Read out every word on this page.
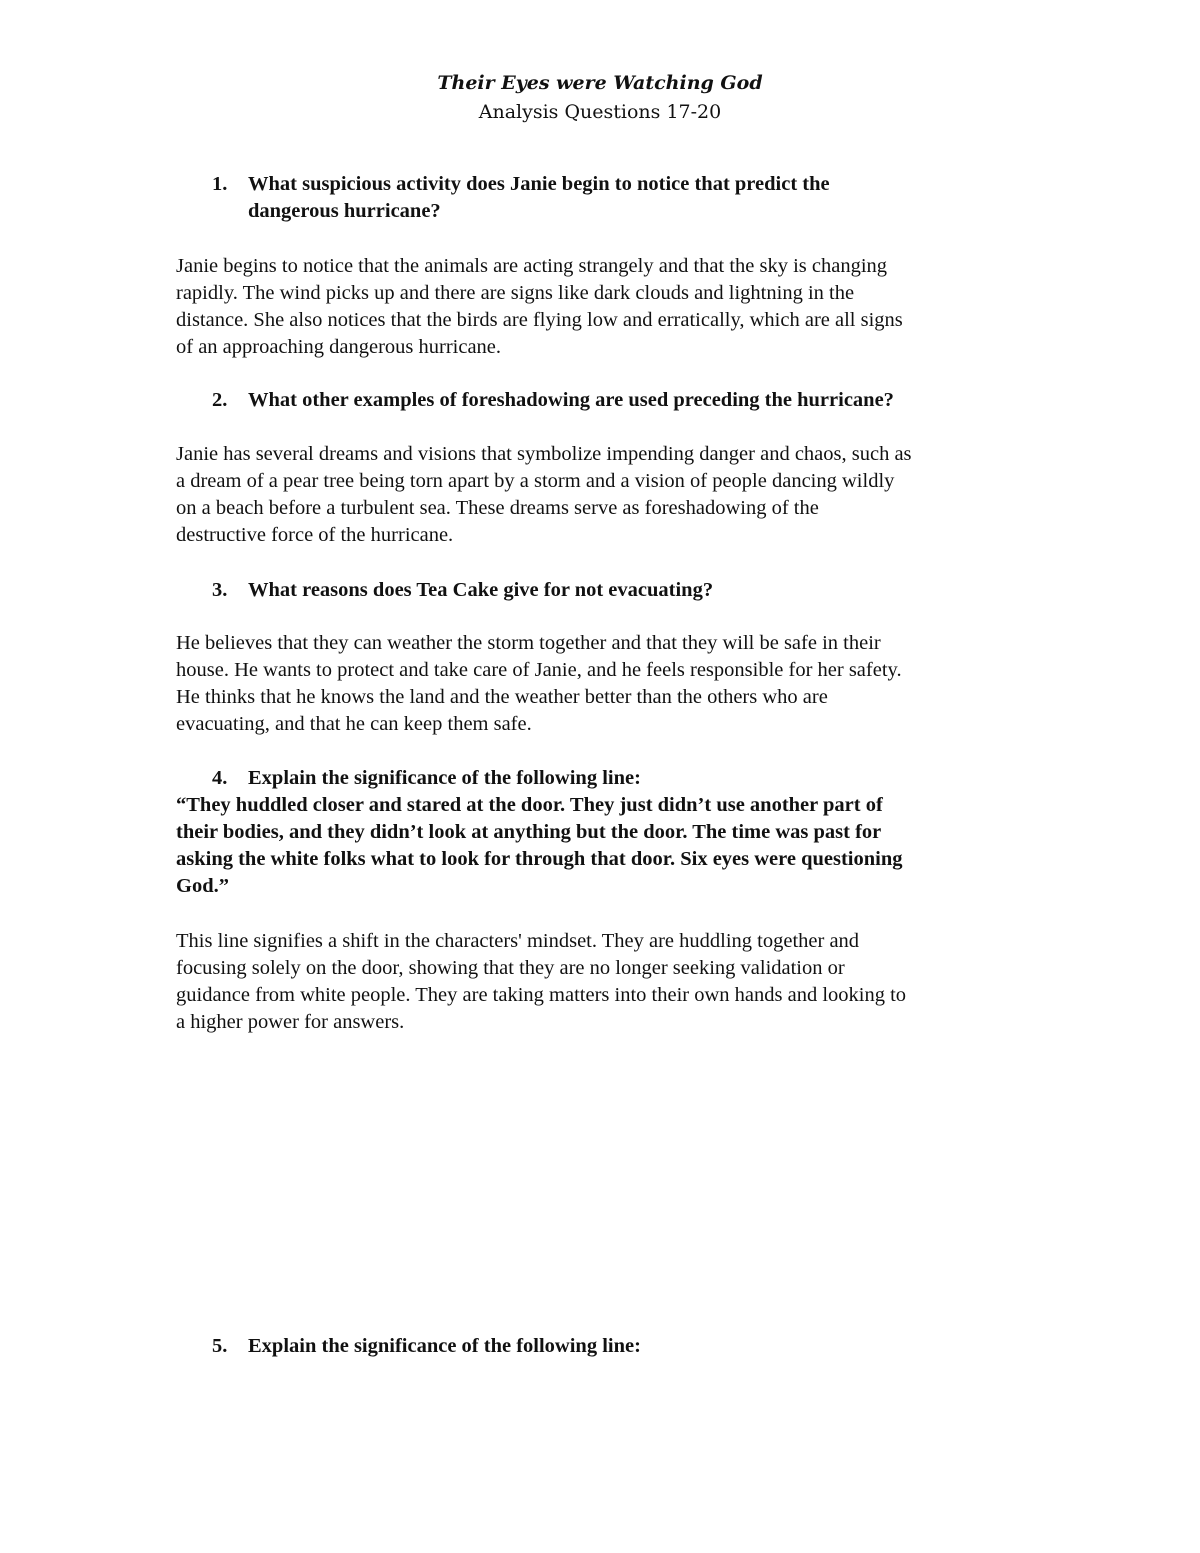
Their Eyes were Watching God
Analysis Questions 17-20
1. What suspicious activity does Janie begin to notice that predict the
dangerous hurricane?
Janie begins to notice that the animals are acting strangely and that the sky is changing
rapidly. The wind picks up and there are signs like dark clouds and lightning in the
distance. She also notices that the birds are flying low and erratically, which are all signs
of an approaching dangerous hurricane.
2. What other examples of foreshadowing are used preceding the hurricane?
Janie has several dreams and visions that symbolize impending danger and chaos, such as
a dream of a pear tree being torn apart by a storm and a vision of people dancing wildly
on a beach before a turbulent sea. These dreams serve as foreshadowing of the
destructive force of the hurricane.
3. What reasons does Tea Cake give for not evacuating?
He believes that they can weather the storm together and that they will be safe in their
house. He wants to protect and take care of Janie, and he feels responsible for her safety.
He thinks that he knows the land and the weather better than the others who are
evacuating, and that he can keep them safe.
4. Explain the significance of the following line:
“They huddled closer and stared at the door. They just didn’t use another part of
their bodies, and they didn’t look at anything but the door. The time was past for
asking the white folks what to look for through that door. Six eyes were questioning
God.”
This line signifies a shift in the characters' mindset. They are huddling together and
focusing solely on the door, showing that they are no longer seeking validation or
guidance from white people. They are taking matters into their own hands and looking to
a higher power for answers.
5. Explain the significance of the following line:
